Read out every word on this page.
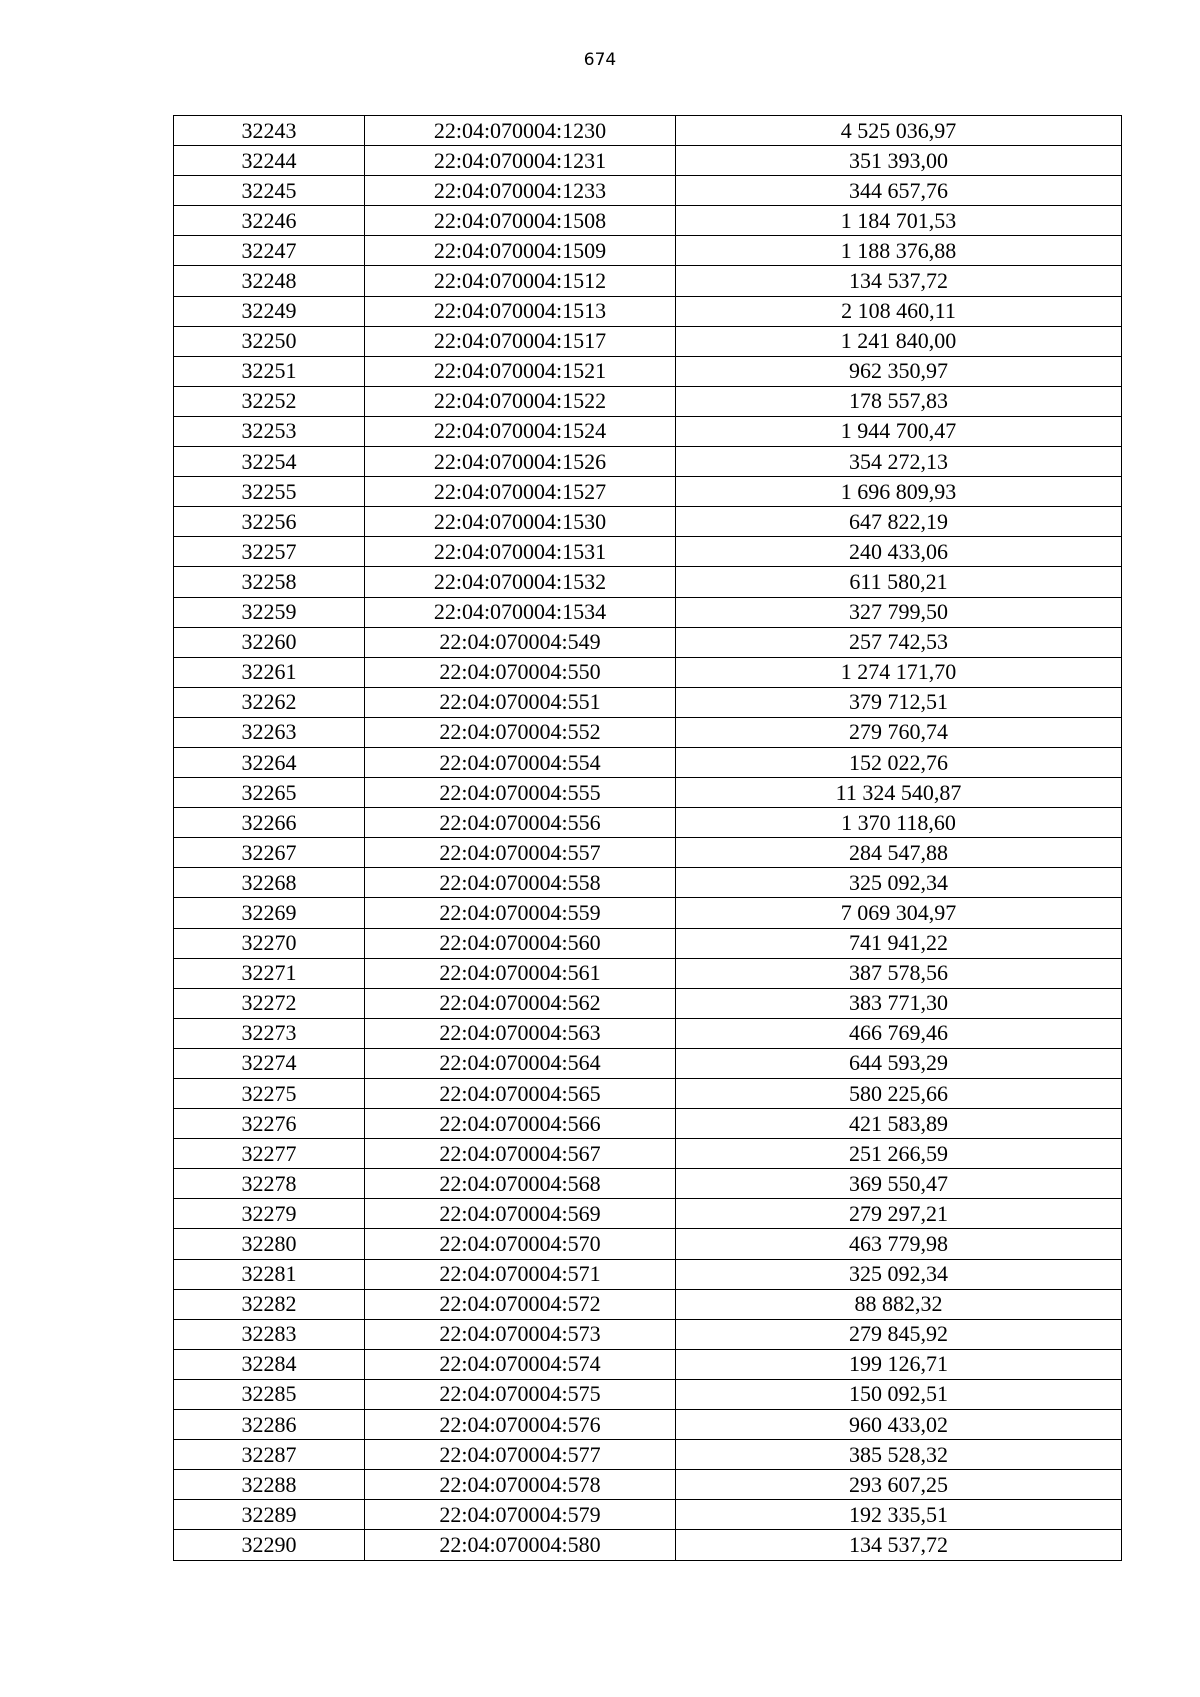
674
32243	22:04:070004:1230	4 525 036,97
32244	22:04:070004:1231	351 393,00
32245	22:04:070004:1233	344 657,76
32246	22:04:070004:1508	1 184 701,53
32247	22:04:070004:1509	1 188 376,88
32248	22:04:070004:1512	134 537,72
32249	22:04:070004:1513	2 108 460,11
32250	22:04:070004:1517	1 241 840,00
32251	22:04:070004:1521	962 350,97
32252	22:04:070004:1522	178 557,83
32253	22:04:070004:1524	1 944 700,47
32254	22:04:070004:1526	354 272,13
32255	22:04:070004:1527	1 696 809,93
32256	22:04:070004:1530	647 822,19
32257	22:04:070004:1531	240 433,06
32258	22:04:070004:1532	611 580,21
32259	22:04:070004:1534	327 799,50
32260	22:04:070004:549	257 742,53
32261	22:04:070004:550	1 274 171,70
32262	22:04:070004:551	379 712,51
32263	22:04:070004:552	279 760,74
32264	22:04:070004:554	152 022,76
32265	22:04:070004:555	11 324 540,87
32266	22:04:070004:556	1 370 118,60
32267	22:04:070004:557	284 547,88
32268	22:04:070004:558	325 092,34
32269	22:04:070004:559	7 069 304,97
32270	22:04:070004:560	741 941,22
32271	22:04:070004:561	387 578,56
32272	22:04:070004:562	383 771,30
32273	22:04:070004:563	466 769,46
32274	22:04:070004:564	644 593,29
32275	22:04:070004:565	580 225,66
32276	22:04:070004:566	421 583,89
32277	22:04:070004:567	251 266,59
32278	22:04:070004:568	369 550,47
32279	22:04:070004:569	279 297,21
32280	22:04:070004:570	463 779,98
32281	22:04:070004:571	325 092,34
32282	22:04:070004:572	88 882,32
32283	22:04:070004:573	279 845,92
32284	22:04:070004:574	199 126,71
32285	22:04:070004:575	150 092,51
32286	22:04:070004:576	960 433,02
32287	22:04:070004:577	385 528,32
32288	22:04:070004:578	293 607,25
32289	22:04:070004:579	192 335,51
32290	22:04:070004:580	134 537,72
